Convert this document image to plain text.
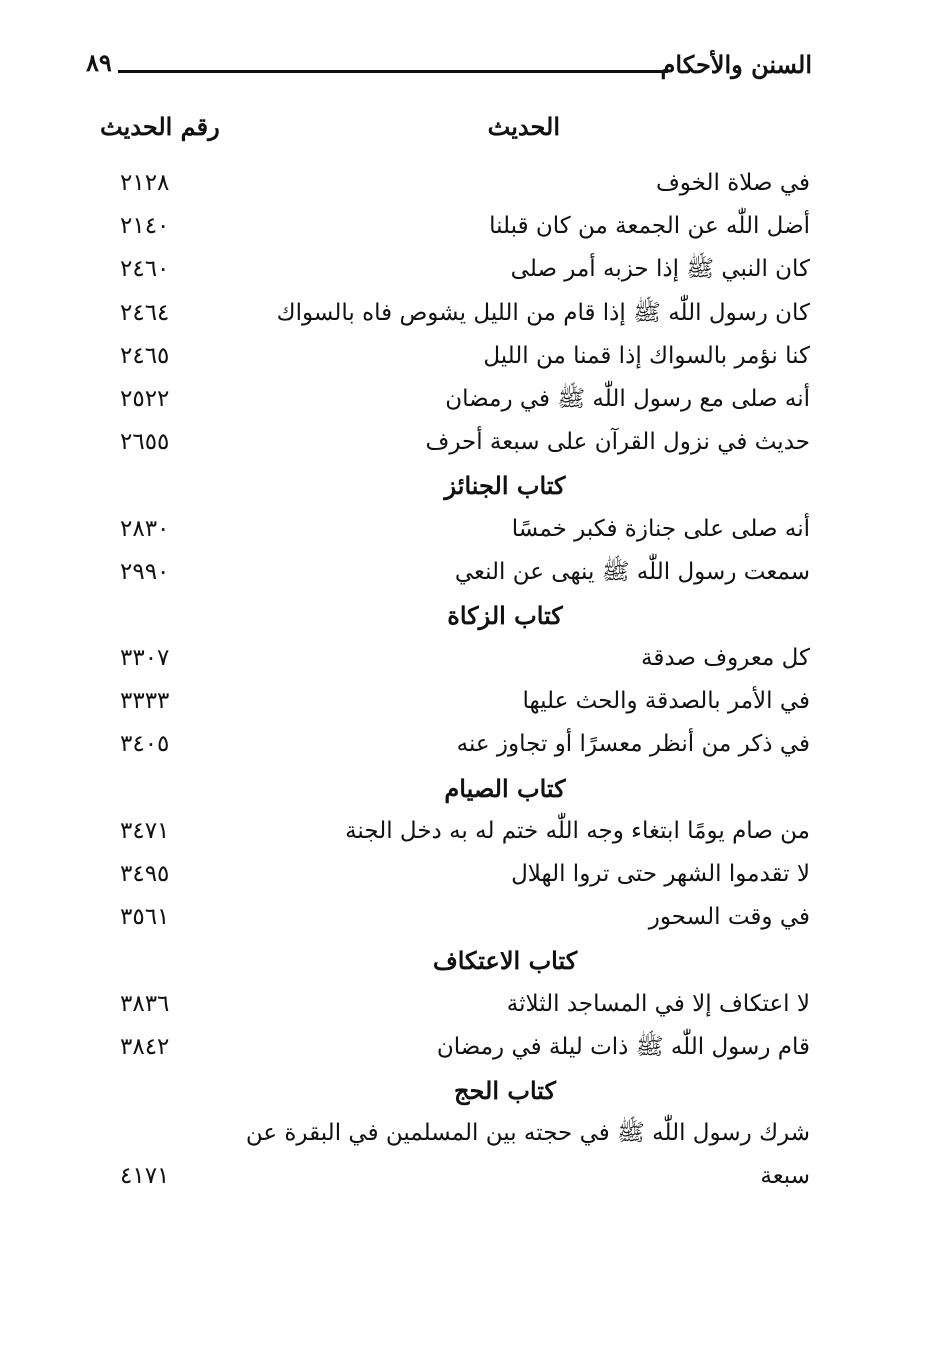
السنن والأحكام
٨٩
الحديث
رقم الحديث
في صلاة الخوف
٢١٢٨
أضل اللّٰه عن الجمعة من كان قبلنا
٢١٤٠
كان النبي ﷺ إذا حزبه أمر صلى
٢٤٦٠
كان رسول اللّٰه ﷺ إذا قام من الليل يشوص فاه بالسواك
٢٤٦٤
كنا نؤمر بالسواك إذا قمنا من الليل
٢٤٦٥
أنه صلى مع رسول اللّٰه ﷺ في رمضان
٢٥٢٢
حديث في نزول القرآن على سبعة أحرف
٢٦٥٥
كتاب الجنائز
أنه صلى على جنازة فكبر خمسًا
٢٨٣٠
سمعت رسول اللّٰه ﷺ ينهى عن النعي
٢٩٩٠
كتاب الزكاة
كل معروف صدقة
٣٣٠٧
في الأمر بالصدقة والحث عليها
٣٣٣٣
في ذكر من أنظر معسرًا أو تجاوز عنه
٣٤٠٥
كتاب الصيام
من صام يومًا ابتغاء وجه اللّٰه ختم له به دخل الجنة
٣٤٧١
لا تقدموا الشهر حتى تروا الهلال
٣٤٩٥
في وقت السحور
٣٥٦١
كتاب الاعتكاف
لا اعتكاف إلا في المساجد الثلاثة
٣٨٣٦
قام رسول اللّٰه ﷺ ذات ليلة في رمضان
٣٨٤٢
كتاب الحج
شرك رسول اللّٰه ﷺ في حجته بين المسلمين في البقرة عن سبعة
٤١٧١
